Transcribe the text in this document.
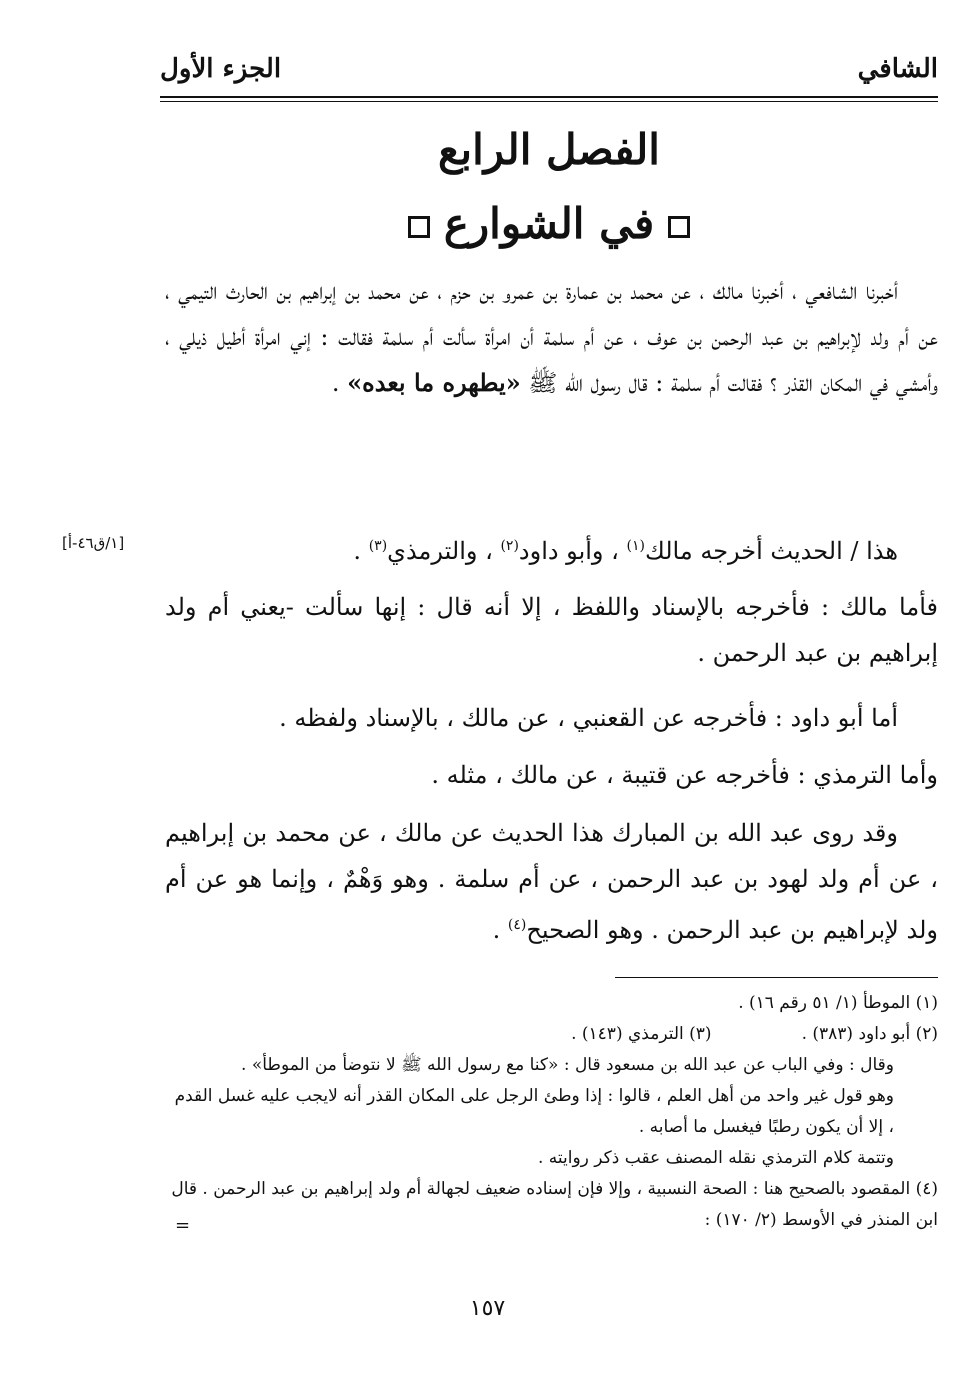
الشافي
الجزء الأول
الفصل الرابع
في الشوارع
أخبرنا الشافعي ، أخبرنا مالك ، عن محمد بن عمارة بن عمرو بن حزم ، عن محمد بن إبراهيم بن الحارث التيمي ، عن أم ولد لإبراهيم بن عبد الرحمن بن عوف ، عن أم سلمة أن امرأة سألت أم سلمة فقالت : إني امرأة أطيل ذيلي ، وأمشي في المكان القذر ؟ فقالت أم سلمة : قال رسول الله ﷺ «يطهره ما بعده» .
هذا / الحديث أخرجه مالك$^{(١)}$ ، وأبو داود$^{(٢)}$ ، والترمذي$^{(٣)}$ .
[١/ق٤٦-أ]
فأما مالك : فأخرجه بالإسناد واللفظ ، إلا أنه قال : إنها سألت -يعني أم ولد إبراهيم بن عبد الرحمن .
أما أبو داود : فأخرجه عن القعنبي ، عن مالك ، بالإسناد ولفظه .
وأما الترمذي : فأخرجه عن قتيبة ، عن مالك ، مثله .
وقد روى عبد الله بن المبارك هذا الحديث عن مالك ، عن محمد بن إبراهيم ، عن أم ولد لهود بن عبد الرحمن ، عن أم سلمة . وهو وَهْمٌ ، وإنما هو عن أم ولد لإبراهيم بن عبد الرحمن . وهو الصحيح$^{(٤)}$ .

(١) الموطأ (١/ ٥١ رقم ١٦) .

(٢) أبو داود (٣٨٣) .
(٣) الترمذي (١٤٣) .

وقال : وفي الباب عن عبد الله بن مسعود قال : «كنا مع رسول الله ﷺ لا نتوضأ من الموطأ» .

وهو قول غير واحد من أهل العلم ، قالوا : إذا وطئ الرجل على المكان القذر أنه لايجب عليه غسل القدم ، إلا أن يكون رطبًا فيغسل ما أصابه .

وتتمة كلام الترمذي نقله المصنف عقب ذكر روايته .

(٤) المقصود بالصحيح هنا : الصحة النسبية ، وإلا فإن إسناده ضعيف لجهالة أم ولد إبراهيم بن عبد الرحمن . قال ابن المنذر في الأوسط (٢/ ١٧٠) :

=
١٥٧
